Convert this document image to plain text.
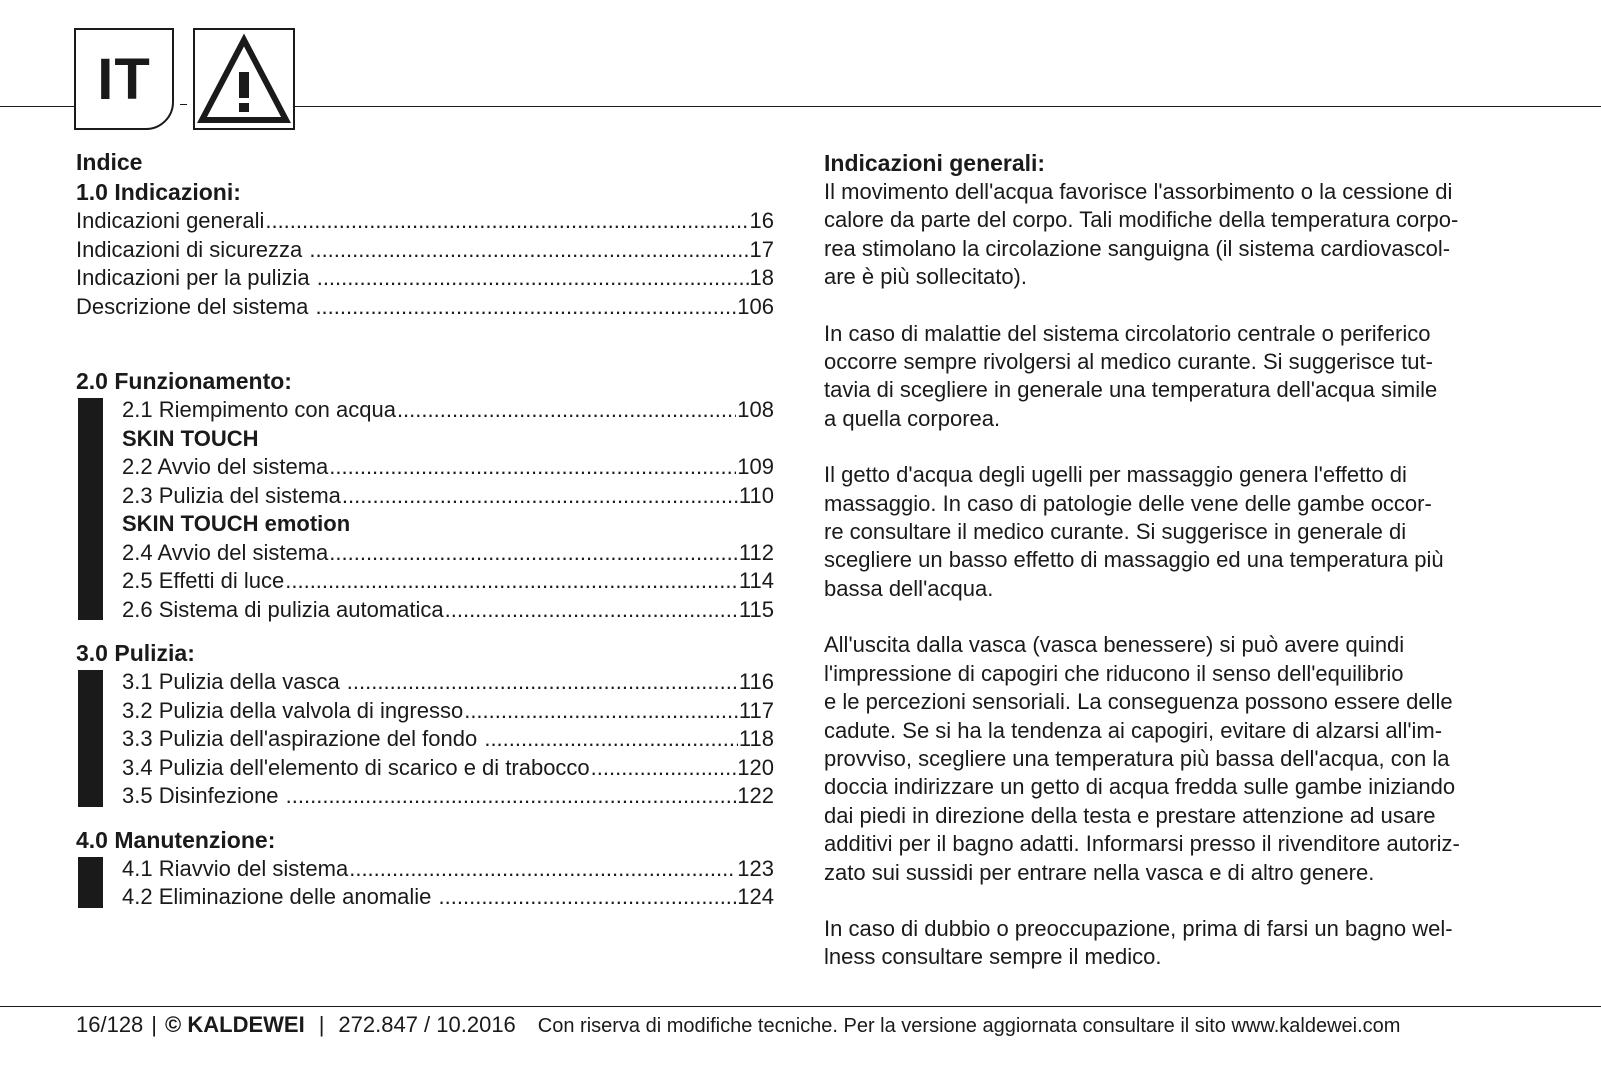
IT
Indice
1.0 Indicazioni:
Indicazioni generali .....	16
Indicazioni di sicurezza .....	17
Indicazioni per la pulizia .....	18
Descrizione del sistema .....	106
2.0 Funzionamento:
2.1 Riempimento con acqua .....	108
SKIN TOUCH
2.2 Avvio del sistema .....	109
2.3 Pulizia del sistema .....	110
SKIN TOUCH emotion
2.4 Avvio del sistema .....	112
2.5 Effetti di luce .....	114
2.6 Sistema di pulizia automatica .....	115
3.0 Pulizia:
3.1 Pulizia della vasca .....	116
3.2 Pulizia della valvola di ingresso .....	117
3.3 Pulizia dell'aspirazione del fondo .....	118
3.4 Pulizia dell'elemento di scarico e di trabocco .....	120
3.5 Disinfezione .....	122
4.0 Manutenzione:
4.1 Riavvio del sistema .....	123
4.2 Eliminazione delle anomalie .....	124
Indicazioni generali:

Il movimento dell'acqua favorisce l'assorbimento o la cessione di
calore da parte del corpo. Tali modifiche della temperatura corpo-
rea stimolano la circolazione sanguigna (il sistema cardiovascol-
are è più sollecitato).

In caso di malattie del sistema circolatorio centrale o periferico
occorre sempre rivolgersi al medico curante. Si suggerisce tut-
tavia di scegliere in generale una temperatura dell'acqua simile
a quella corporea.

Il getto d'acqua degli ugelli per massaggio genera l'effetto di
massaggio. In caso di patologie delle vene delle gambe occor-
re consultare il medico curante. Si suggerisce in generale di
scegliere un basso effetto di massaggio ed una temperatura più
bassa dell'acqua.

All'uscita dalla vasca (vasca benessere) si può avere quindi
l'impressione di capogiri che riducono il senso dell'equilibrio
e le percezioni sensoriali. La conseguenza possono essere delle
cadute. Se si ha la tendenza ai capogiri, evitare di alzarsi all'im-
provviso, scegliere una temperatura più bassa dell'acqua, con la
doccia indirizzare un getto di acqua fredda sulle gambe iniziando
dai piedi in direzione della testa e prestare attenzione ad usare
additivi per il bagno adatti. Informarsi presso il rivenditore autoriz-
zato sui sussidi per entrare nella vasca e di altro genere.

In caso di dubbio o preoccupazione, prima di farsi un bagno wel-
lness consultare sempre il medico.

16/128 | ©
KALDEWEI | 272.847 / 10.2016 Con riserva di modifiche tecniche. Per la versione aggiornata consultare il sito www.kaldewei.com
